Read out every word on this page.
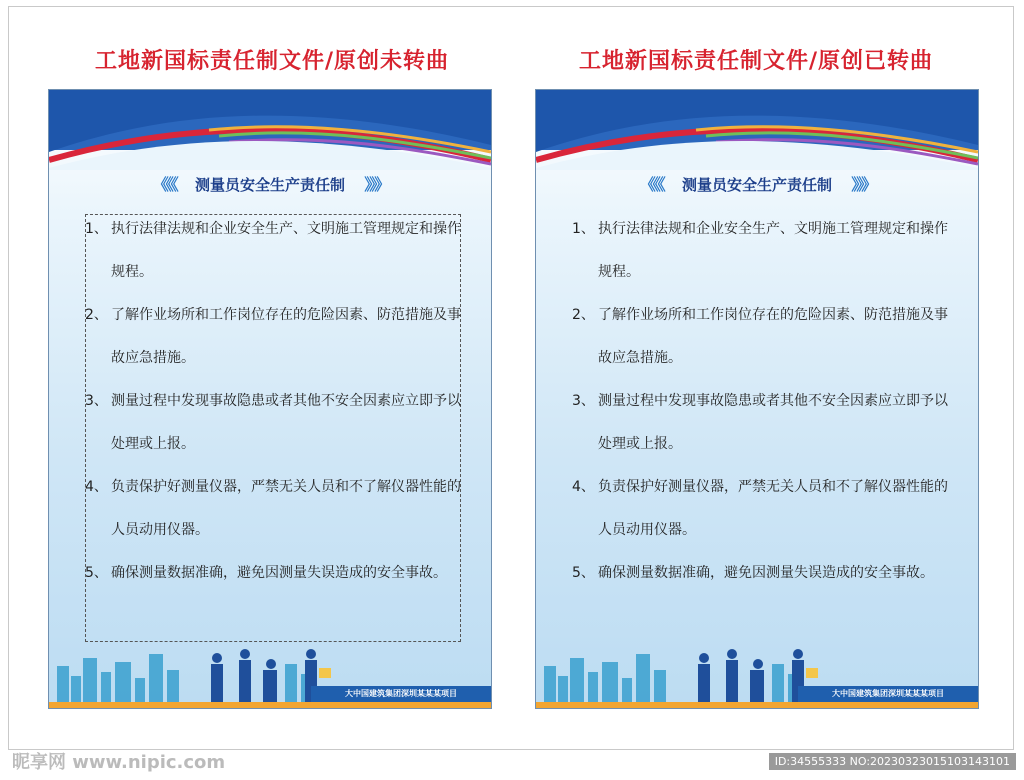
工地新国标责任制文件/原创未转曲
《《《 测量员安全生产责任制 》》》
1、 执行法律法规和企业安全生产、文明施工管理规定和操作规程。
2、 了解作业场所和工作岗位存在的危险因素、防范措施及事故应急措施。
3、 测量过程中发现事故隐患或者其他不安全因素应立即予以处理或上报。
4、 负责保护好测量仪器，严禁无关人员和不了解仪器性能的人员动用仪器。
5、 确保测量数据准确，避免因测量失误造成的安全事故。
大中国建筑集团深圳某某某项目
工地新国标责任制文件/原创已转曲
《《《 测量员安全生产责任制 》》》
1、 执行法律法规和企业安全生产、文明施工管理规定和操作规程。
2、 了解作业场所和工作岗位存在的危险因素、防范措施及事故应急措施。
3、 测量过程中发现事故隐患或者其他不安全因素应立即予以处理或上报。
4、 负责保护好测量仪器，严禁无关人员和不了解仪器性能的人员动用仪器。
5、 确保测量数据准确，避免因测量失误造成的安全事故。
大中国建筑集团深圳某某某项目
昵享网 www.nipic.com	ID:34555333 NO:20230323015103143101
